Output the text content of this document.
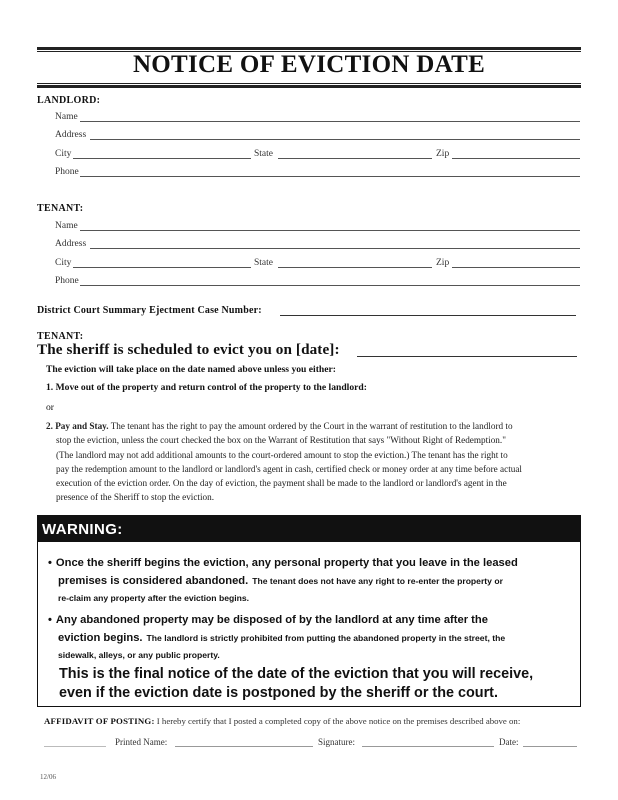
NOTICE OF EVICTION DATE
LANDLORD:
Name
Address
City	State	Zip
Phone
TENANT:
Name
Address
City	State	Zip
Phone
District Court Summary Ejectment Case Number:
TENANT:
The sheriff is scheduled to evict you on [date]:
The eviction will take place on the date named above unless you either:
1. Move out of the property and return control of the property to the landlord:
or
2. Pay and Stay. The tenant has the right to pay the amount ordered by the Court in the warrant of restitution to the landlord to
stop the eviction, unless the court checked the box on the Warrant of Restitution that says "Without Right of Redemption."
(The landlord may not add additional amounts to the court-ordered amount to stop the eviction.) The tenant has the right to
pay the redemption amount to the landlord or landlord's agent in cash, certified check or money order at any time before actual
execution of the eviction order. On the day of eviction, the payment shall be made to the landlord or landlord's agent in the
presence of the Sheriff to stop the eviction.
WARNING:
• Once the sheriff begins the eviction, any personal property that you leave in the leased
premises is considered abandoned. The tenant does not have any right to re-enter the property or
re-claim any property after the eviction begins.
• Any abandoned property may be disposed of by the landlord at any time after the
eviction begins. The landlord is strictly prohibited from putting the abandoned property in the street, the
sidewalk, alleys, or any public property.
This is the final notice of the date of the eviction that you will receive,
even if the eviction date is postponed by the sheriff or the court.
AFFIDAVIT OF POSTING: I hereby certify that I posted a completed copy of the above notice on the premises described above on:
Printed Name:	Signature:	Date:
12/06
